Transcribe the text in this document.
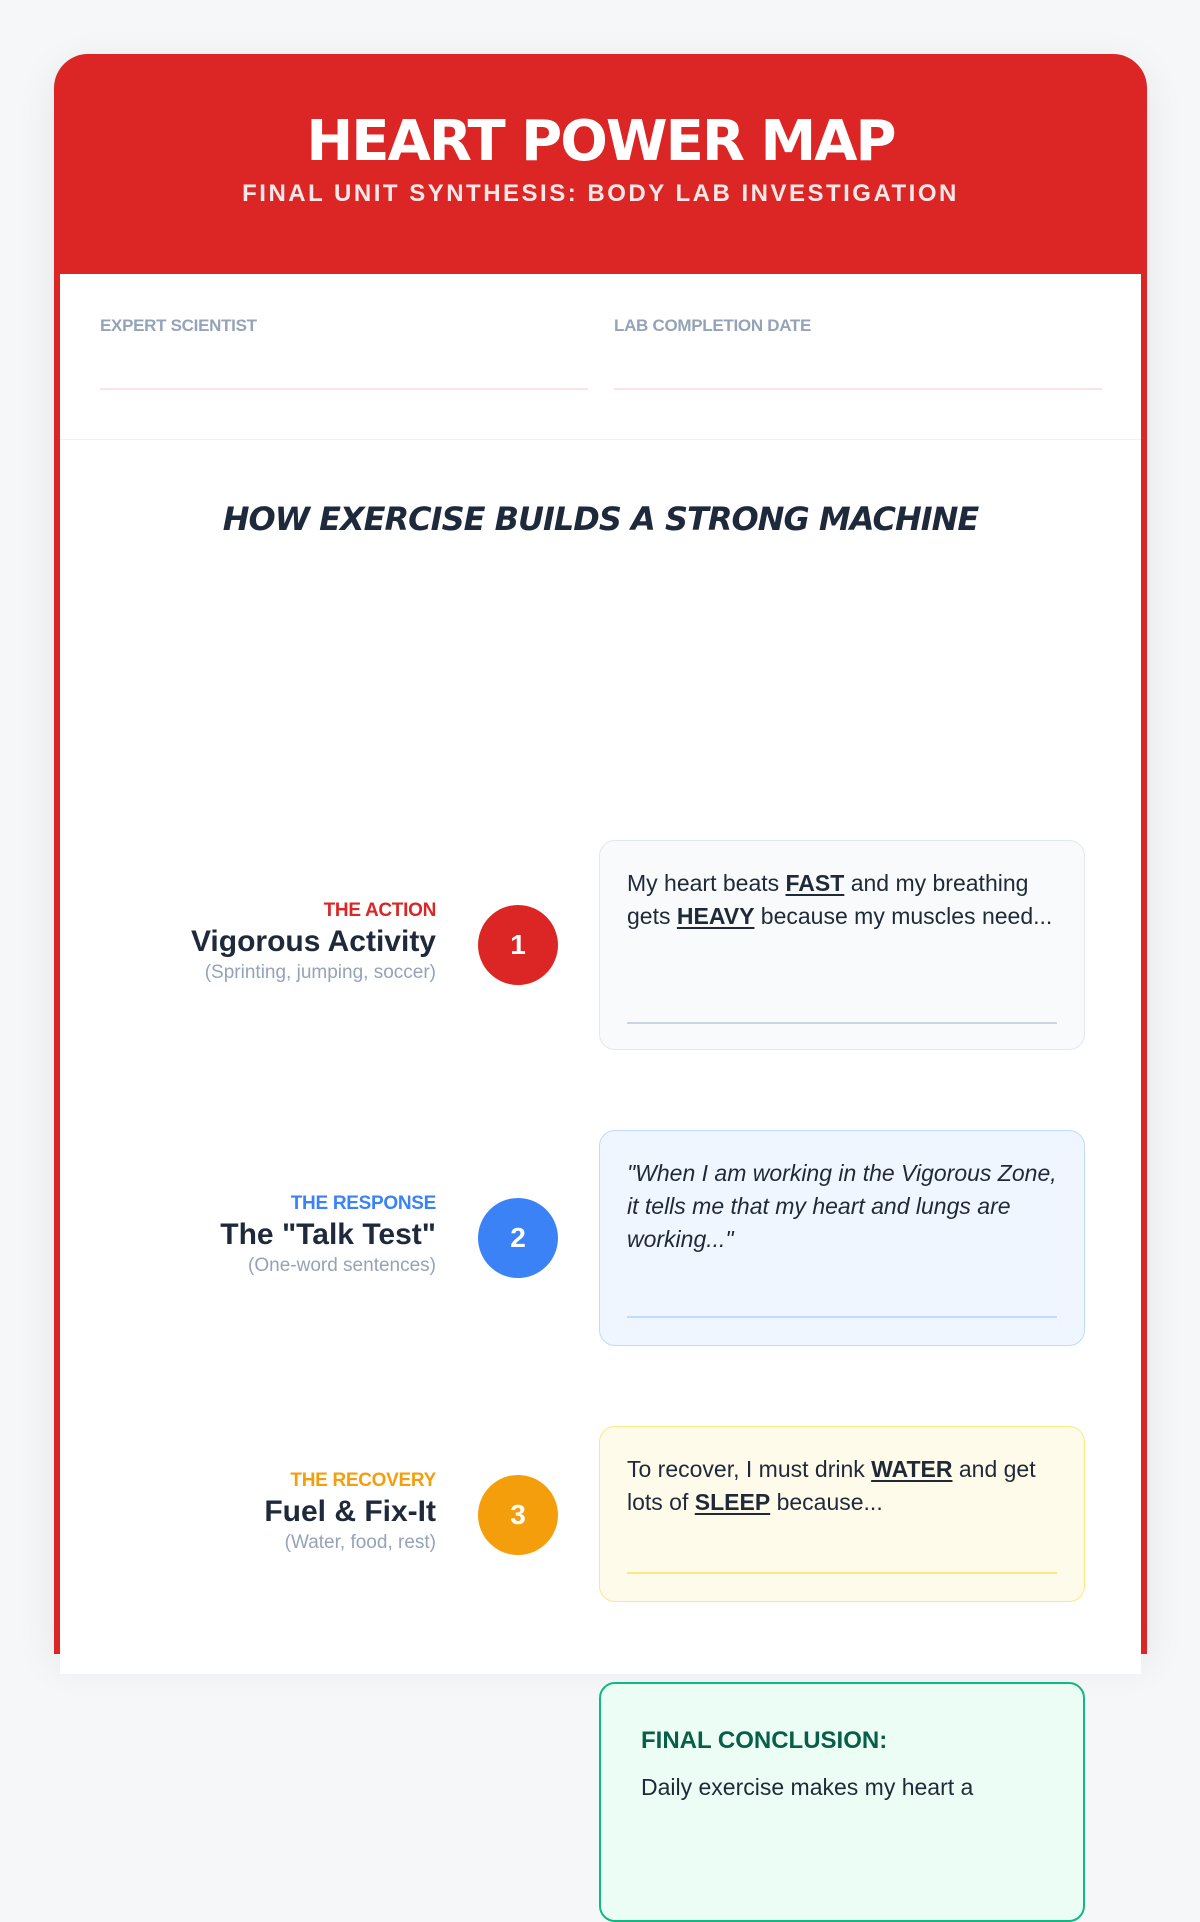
HEART POWER MAP
FINAL UNIT SYNTHESIS: BODY LAB INVESTIGATION
EXPERT SCIENTIST	LAB COMPLETION DATE
HOW EXERCISE BUILDS A STRONG MACHINE
THE ACTION
Vigorous Activity
(Sprinting, jumping, soccer)
1
My heart beats FAST and my breathing gets HEAVY because my muscles need...
THE RESPONSE
The "Talk Test"
(One-word sentences)
2
"When I am working in the Vigorous Zone, it tells me that my heart and lungs are working..."
THE RECOVERY
Fuel & Fix-It
(Water, food, rest)
3
To recover, I must drink WATER and get lots of SLEEP because...
FINAL CONCLUSION:
Daily exercise makes my heart a
